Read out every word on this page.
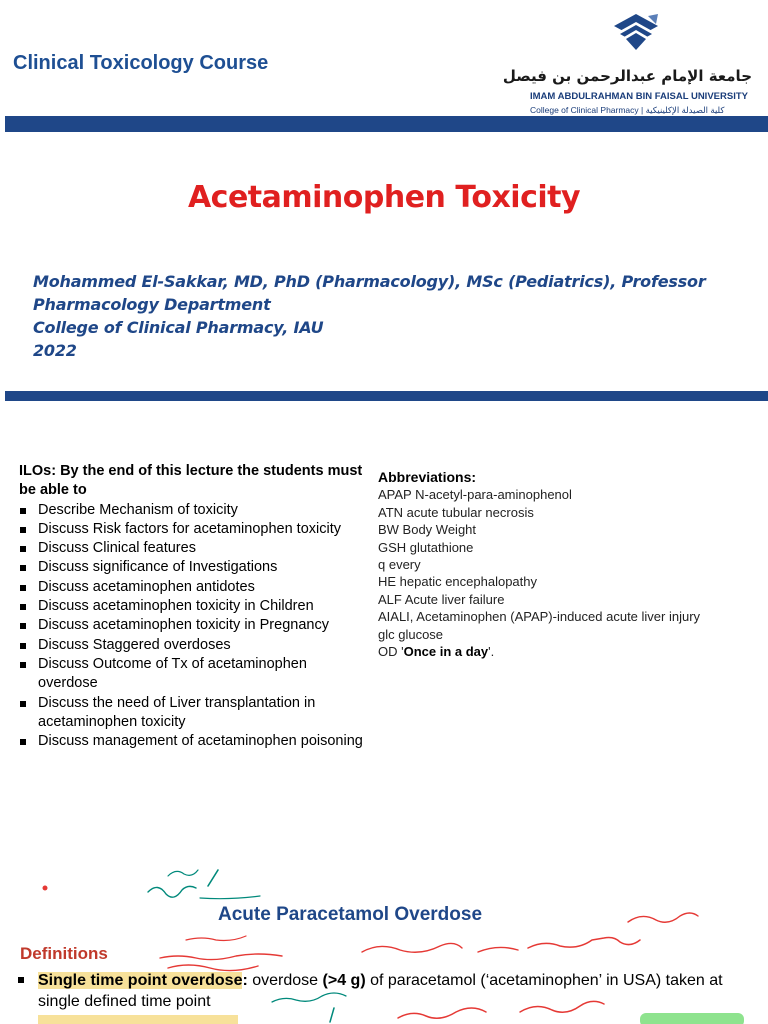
Clinical Toxicology Course
جامعة الإمام عبدالرحمن بن فيصل
IMAM ABDULRAHMAN BIN FAISAL UNIVERSITY
College of Clinical Pharmacy | كلية الصيدلة الإكلينيكية
Acetaminophen Toxicity
Mohammed El-Sakkar, MD, PhD (Pharmacology), MSc (Pediatrics), Professor
Pharmacology Department
College of Clinical Pharmacy, IAU
2022
ILOs: By the end of this lecture the students must be able to
Describe Mechanism of toxicity
Discuss Risk factors for acetaminophen toxicity
Discuss Clinical features
Discuss significance of Investigations
Discuss acetaminophen antidotes
Discuss acetaminophen toxicity in Children
Discuss acetaminophen toxicity in Pregnancy
Discuss Staggered overdoses
Discuss Outcome of Tx of acetaminophen overdose
Discuss the need of Liver transplantation in acetaminophen toxicity
Discuss management of acetaminophen poisoning
Abbreviations:
APAP N-acetyl-para-aminophenol
ATN acute tubular necrosis
BW Body Weight
GSH glutathione
q every
HE hepatic encephalopathy
ALF Acute liver failure
AIALI, Acetaminophen (APAP)-induced acute liver injury
glc glucose
OD 'Once in a day'.
Acute Paracetamol Overdose
Definitions
Single time point overdose: overdose (>4 g) of paracetamol (‘acetaminophen’ in USA) taken at single defined time point
